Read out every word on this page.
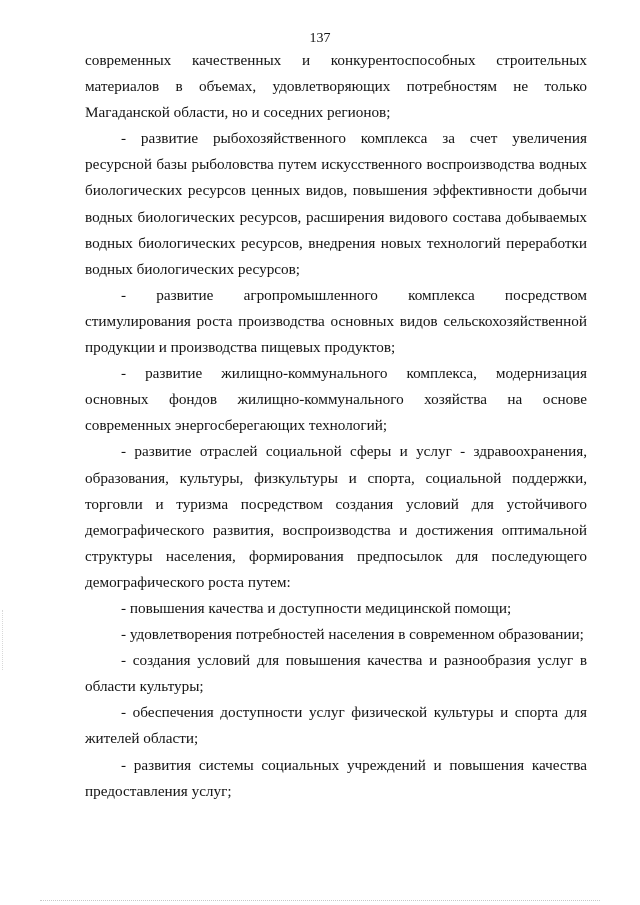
137

современных качественных и конкурентоспособных строительных материалов в объемах, удовлетворяющих потребностям не только Магаданской области, но и соседних регионов;

- развитие рыбохозяйственного комплекса за счет увеличения ресурсной базы рыболовства путем искусственного воспроизводства водных биологических ресурсов ценных видов, повышения эффективности добычи водных биологических ресурсов, расширения видового состава добываемых водных биологических ресурсов, внедрения новых технологий переработки водных биологических ресурсов;

- развитие агропромышленного комплекса посредством стимулирования роста производства основных видов сельскохозяйственной продукции и производства пищевых продуктов;

- развитие жилищно-коммунального комплекса, модернизация основных фондов жилищно-коммунального хозяйства на основе современных энергосберегающих технологий;

- развитие отраслей социальной сферы и услуг - здравоохранения, образования, культуры, физкультуры и спорта, социальной поддержки, торговли и туризма посредством создания условий для устойчивого демографического развития, воспроизводства и достижения оптимальной структуры населения, формирования предпосылок для последующего демографического роста путем:

- повышения качества и доступности медицинской помощи;

- удовлетворения потребностей населения в современном образовании;

- создания условий для повышения качества и разнообразия услуг в области культуры;

- обеспечения доступности услуг физической культуры и спорта для жителей области;

- развития системы социальных учреждений и повышения качества предоставления услуг;
